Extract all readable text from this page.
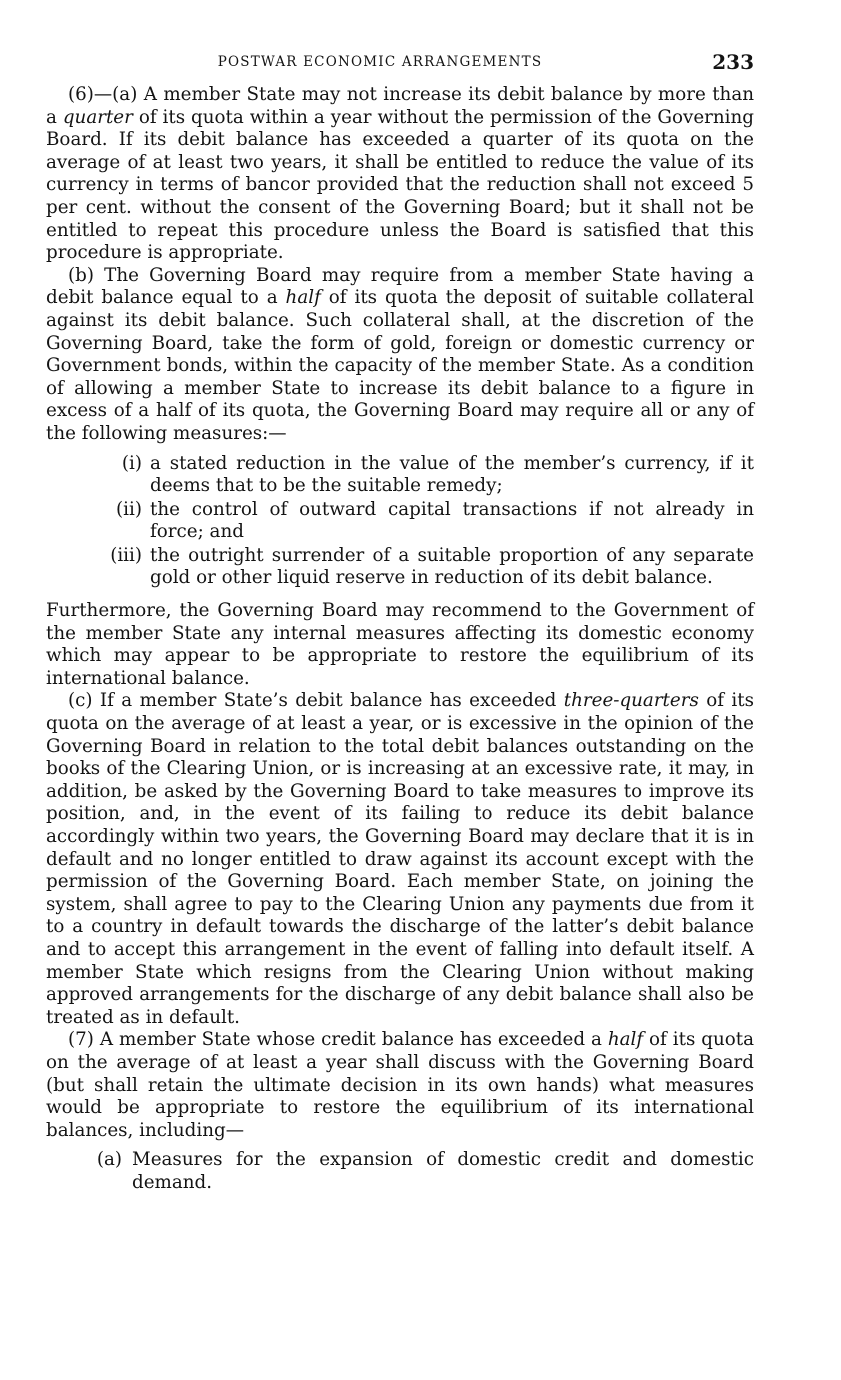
POSTWAR ECONOMIC ARRANGEMENTS	233

(6)—(a) A member State may not increase its debit balance by more than a quarter of its quota within a year without the permission of the Governing Board. If its debit balance has exceeded a quarter of its quota on the average of at least two years, it shall be entitled to reduce the value of its currency in terms of bancor provided that the reduction shall not exceed 5 per cent. without the consent of the Governing Board; but it shall not be entitled to repeat this procedure unless the Board is satisfied that this procedure is appropriate.

(b) The Governing Board may require from a member State having a debit balance equal to a half of its quota the deposit of suitable collateral against its debit balance. Such collateral shall, at the discretion of the Governing Board, take the form of gold, foreign or domestic currency or Government bonds, within the capacity of the member State. As a condition of allowing a member State to increase its debit balance to a figure in excess of a half of its quota, the Governing Board may require all or any of the following measures:—

(i) a stated reduction in the value of the member’s currency, if it deems that to be the suitable remedy;
(ii) the control of outward capital transactions if not already in force; and
(iii) the outright surrender of a suitable proportion of any separate gold or other liquid reserve in reduction of its debit balance.

Furthermore, the Governing Board may recommend to the Government of the member State any internal measures affecting its domestic economy which may appear to be appropriate to restore the equilibrium of its international balance.

(c) If a member State’s debit balance has exceeded three-quarters of its quota on the average of at least a year, or is excessive in the opinion of the Governing Board in relation to the total debit balances outstanding on the books of the Clearing Union, or is increasing at an excessive rate, it may, in addition, be asked by the Governing Board to take measures to improve its position, and, in the event of its failing to reduce its debit balance accordingly within two years, the Governing Board may declare that it is in default and no longer entitled to draw against its account except with the permission of the Governing Board. Each member State, on joining the system, shall agree to pay to the Clearing Union any payments due from it to a country in default towards the discharge of the latter’s debit balance and to accept this arrangement in the event of falling into default itself. A member State which resigns from the Clearing Union without making approved arrangements for the discharge of any debit balance shall also be treated as in default.

(7) A member State whose credit balance has exceeded a half of its quota on the average of at least a year shall discuss with the Governing Board (but shall retain the ultimate decision in its own hands) what measures would be appropriate to restore the equilibrium of its international balances, including—

(a) Measures for the expansion of domestic credit and domestic demand.
